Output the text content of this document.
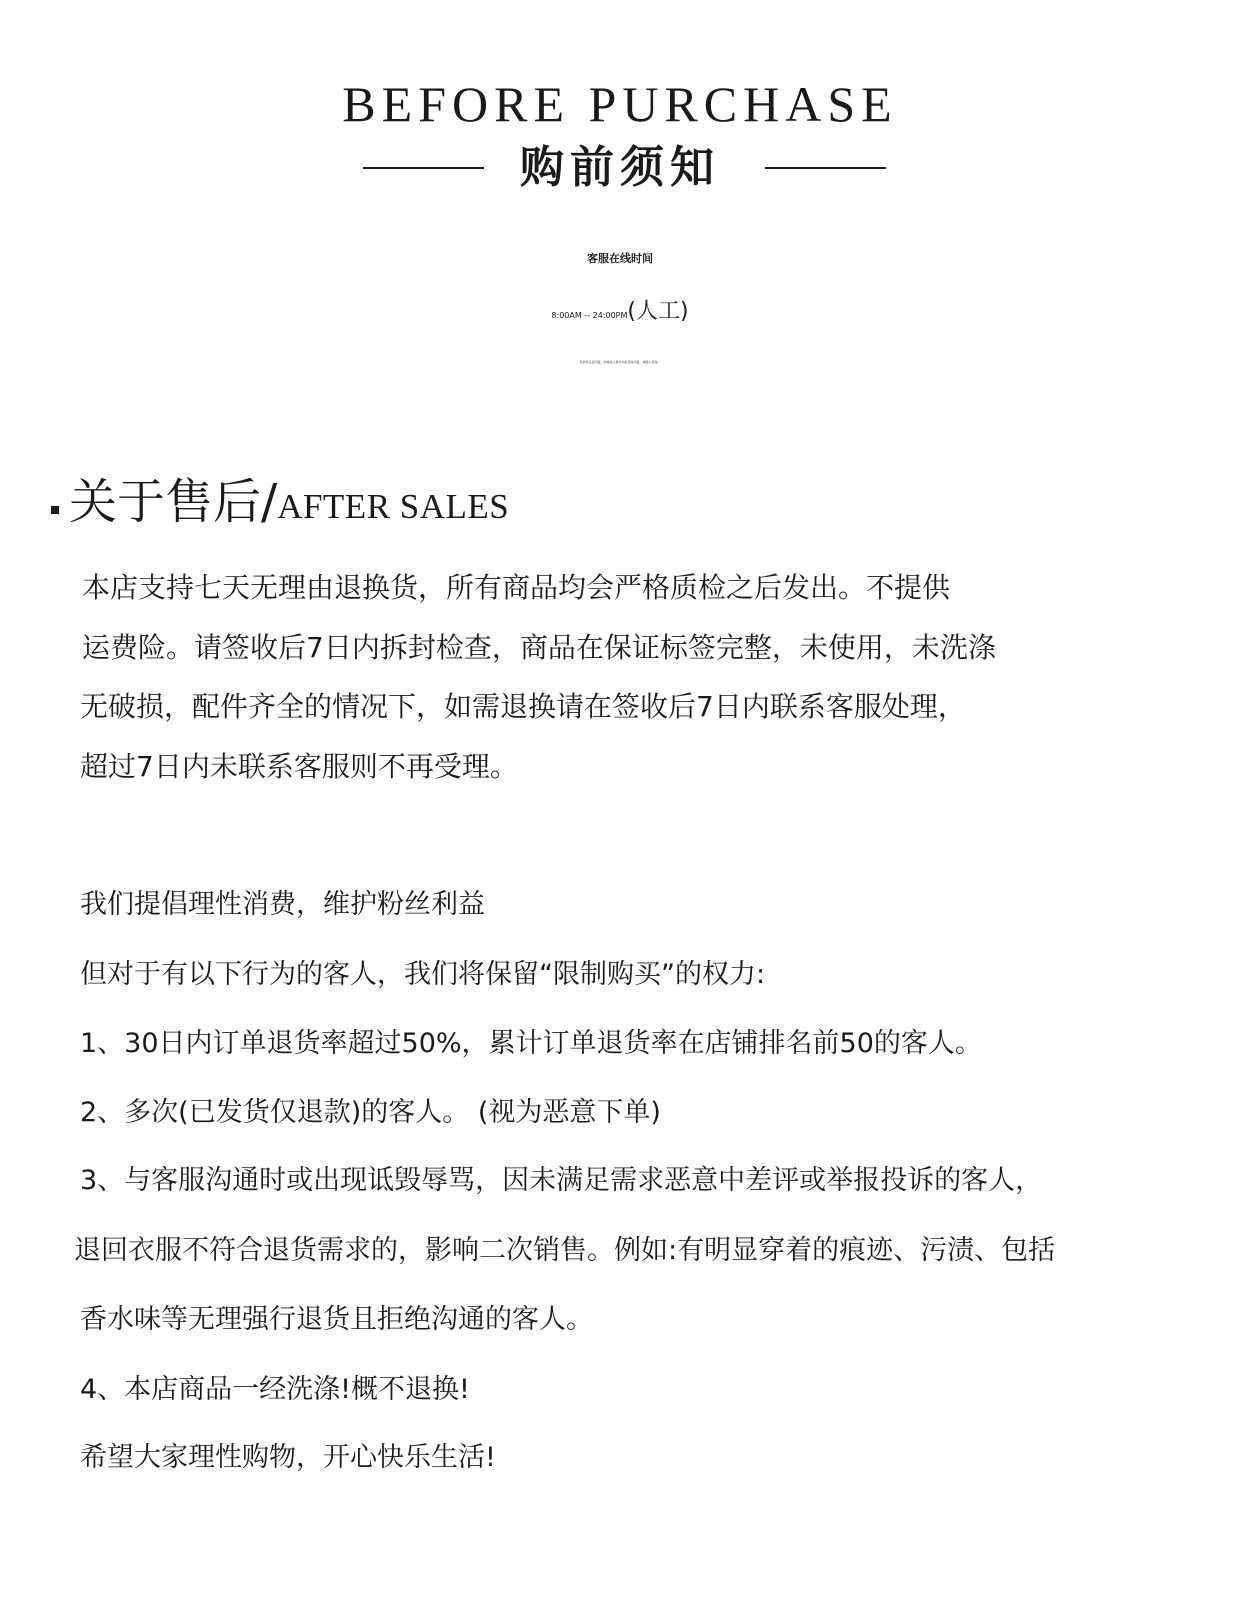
BEFORE PURCHASE
购前须知
客服在线时间
8:00AM -- 24:00PM(人工)
有消息定会回复，如接待人数多未能及时回复，请耐心等待。
关于售后/AFTER SALES
本店支持七天无理由退换货，所有商品均会严格质检之后发出。不提供
运费险。请签收后7日内拆封检查，商品在保证标签完整，未使用，未洗涤
无破损，配件齐全的情况下，如需退换请在签收后7日内联系客服处理，
超过7日内未联系客服则不再受理。
我们提倡理性消费，维护粉丝利益
但对于有以下行为的客人，我们将保留“限制购买”的权力:
1、30日内订单退货率超过50%，累计订单退货率在店铺排名前50的客人。
2、多次(已发货仅退款)的客人。 (视为恶意下单)
3、与客服沟通时或出现诋毁辱骂，因未满足需求恶意中差评或举报投诉的客人，
退回衣服不符合退货需求的，影响二次销售。例如:有明显穿着的痕迹、污渍、包括
香水味等无理强行退货且拒绝沟通的客人。
4、本店商品一经洗涤!概不退换!
希望大家理性购物，开心快乐生活!
